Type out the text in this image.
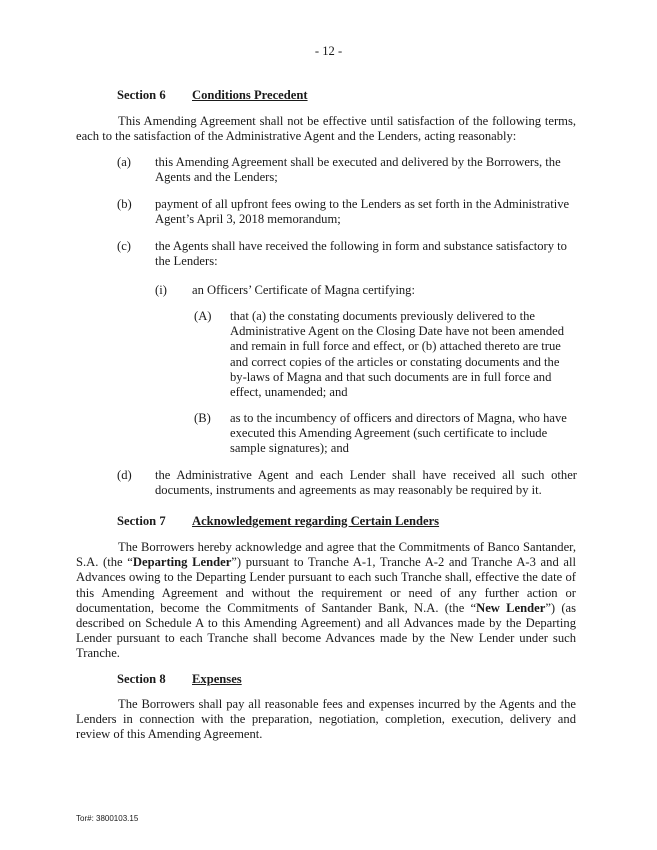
- 12 -
Section 6 Conditions Precedent
This Amending Agreement shall not be effective until satisfaction of the following terms, each to the satisfaction of the Administrative Agent and the Lenders, acting reasonably:
(a) this Amending Agreement shall be executed and delivered by the Borrowers, the Agents and the Lenders;
(b) payment of all upfront fees owing to the Lenders as set forth in the Administrative Agent’s April 3, 2018 memorandum;
(c) the Agents shall have received the following in form and substance satisfactory to the Lenders:
(i) an Officers’ Certificate of Magna certifying:
(A) that (a) the constating documents previously delivered to the Administrative Agent on the Closing Date have not been amended and remain in full force and effect, or (b) attached thereto are true and correct copies of the articles or constating documents and the by-laws of Magna and that such documents are in full force and effect, unamended; and
(B) as to the incumbency of officers and directors of Magna, who have executed this Amending Agreement (such certificate to include sample signatures); and
(d) the Administrative Agent and each Lender shall have received all such other documents, instruments and agreements as may reasonably be required by it.
Section 7 Acknowledgement regarding Certain Lenders
The Borrowers hereby acknowledge and agree that the Commitments of Banco Santander, S.A. (the “Departing Lender”) pursuant to Tranche A-1, Tranche A-2 and Tranche A-3 and all Advances owing to the Departing Lender pursuant to each such Tranche shall, effective the date of this Amending Agreement and without the requirement or need of any further action or documentation, become the Commitments of Santander Bank, N.A. (the “New Lender”) (as described on Schedule A to this Amending Agreement) and all Advances made by the Departing Lender pursuant to each Tranche shall become Advances made by the New Lender under such Tranche.
Section 8 Expenses
The Borrowers shall pay all reasonable fees and expenses incurred by the Agents and the Lenders in connection with the preparation, negotiation, completion, execution, delivery and review of this Amending Agreement.
Tor#: 3800103.15
